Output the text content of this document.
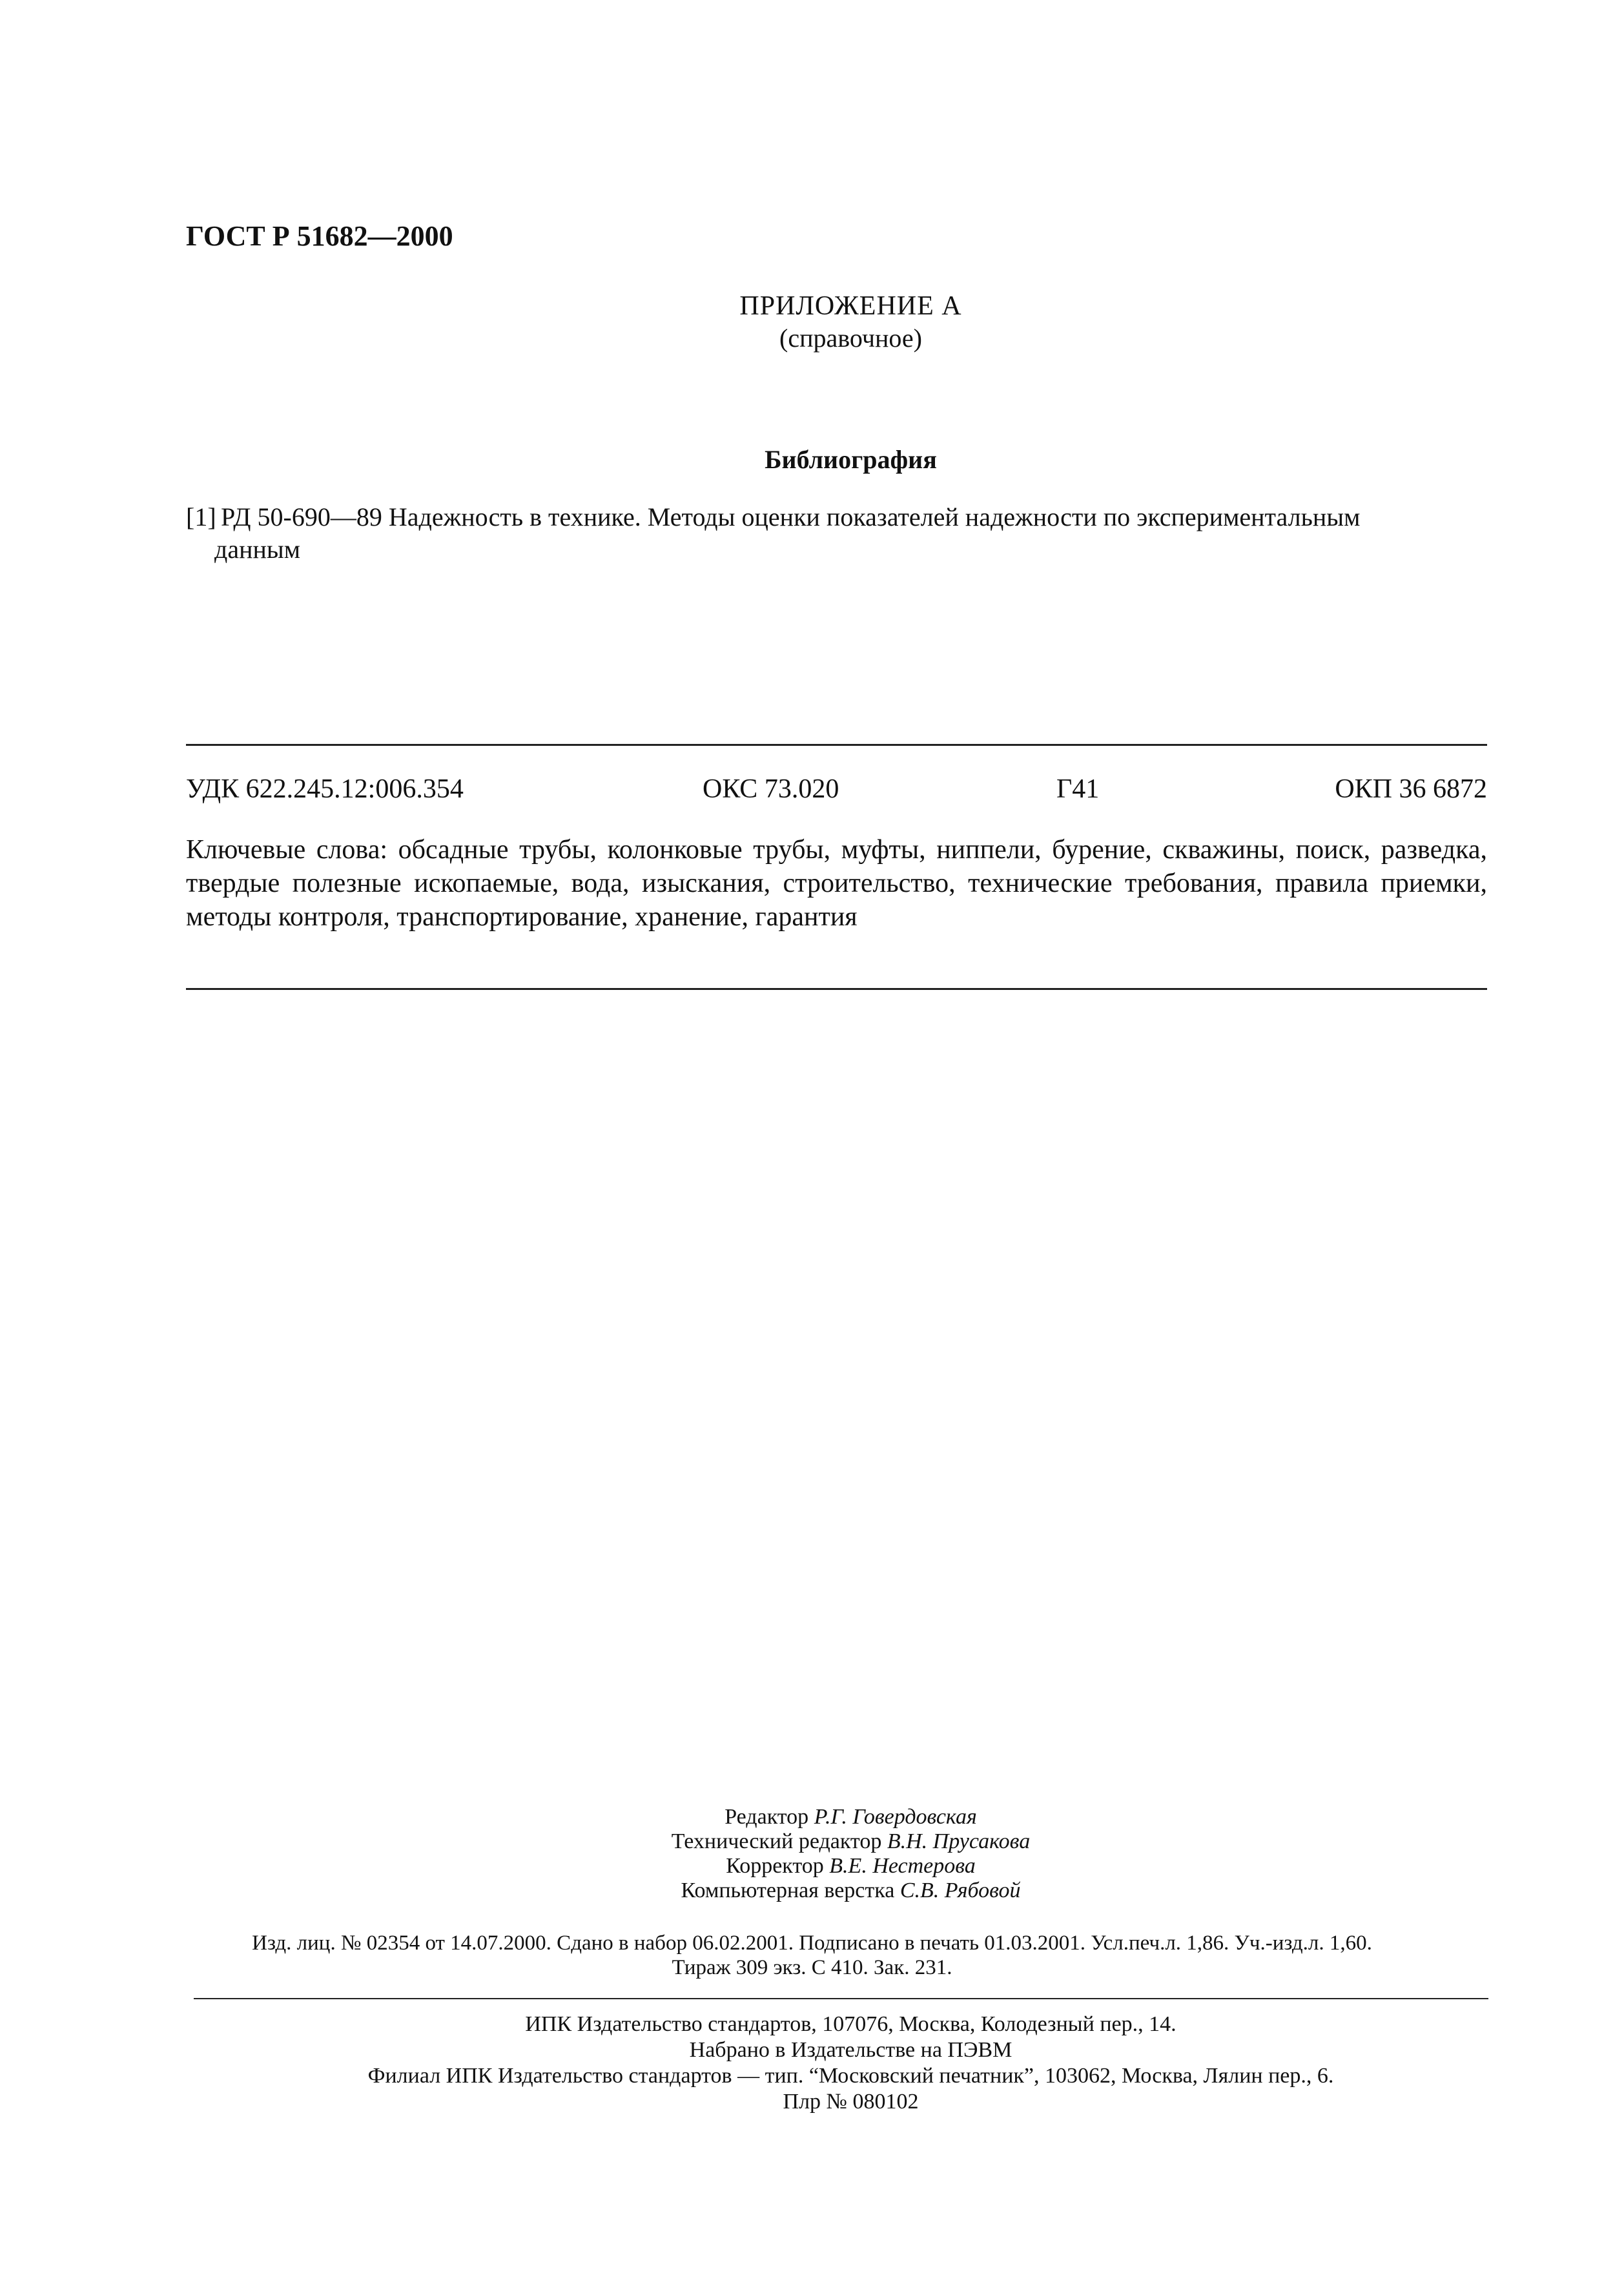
ГОСТ Р 51682—2000
ПРИЛОЖЕНИЕ А
(справочное)
Библиография
[1] РД 50-690—89 Надежность в технике. Методы оценки показателей надежности по экспериментальным
данным
УДК 622.245.12:006.354	ОКС 73.020	Г41	ОКП 36 6872
Ключевые слова: обсадные трубы, колонковые трубы, муфты, ниппели, бурение, скважины, поиск, разведка, твердые полезные ископаемые, вода, изыскания, строительство, технические требования, правила приемки, методы контроля, транспортирование, хранение, гарантия
Редактор Р.Г. Говердовская
Технический редактор В.Н. Прусакова
Корректор В.Е. Нестерова
Компьютерная верстка С.В. Рябовой
Изд. лиц. № 02354 от 14.07.2000. Сдано в набор 06.02.2001. Подписано в печать 01.03.2001. Усл.печ.л. 1,86. Уч.-изд.л. 1,60.
Тираж 309 экз. С 410. Зак. 231.
ИПК Издательство стандартов, 107076, Москва, Колодезный пер., 14.
Набрано в Издательстве на ПЭВМ
Филиал ИПК Издательство стандартов — тип. “Московский печатник”, 103062, Москва, Лялин пер., 6.
Плр № 080102
